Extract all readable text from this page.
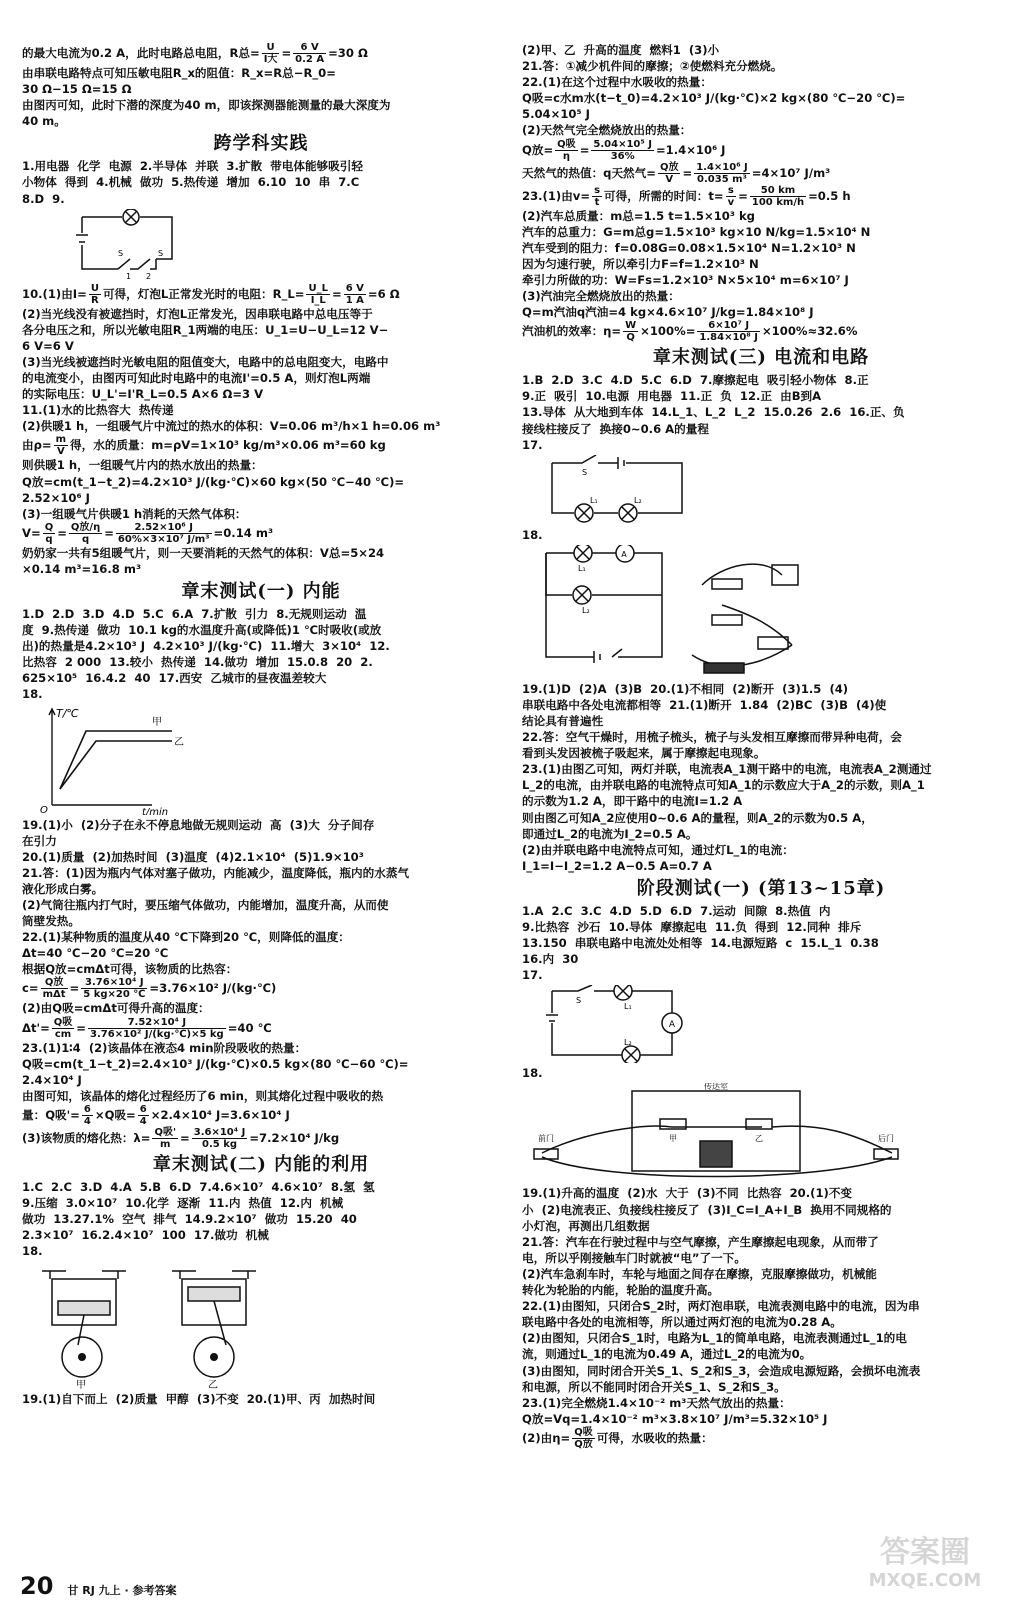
的最大电流为0.2 A，此时电路总电阻，R总= $\frac{U}{\text{I大}} = \frac{6 V}{0.2 A} =30$ Ω

由串联电路特点可知压敏电阻R_x的阻值：R_x=R总−R_0=

30 Ω−15 Ω=15 Ω

由图丙可知，此时下潜的深度为40 m，即该探测器能测量的最大深度为

40 m。

跨学科实践

1.用电器  化学  电源  2.半导体  并联  3.扩散  带电体能够吸引轻

小物体  得到  4.机械  做功  5.热传递  增加  6.10  10  串  7.C

8.D  9.

1 2
S	S

10.(1)由$I= \frac{U}{R}$ 可得，灯泡L正常发光时的电阻：R_L= $\frac{U\_L}{I\_L} = \frac{6 V}{1 A} =6$ Ω

(2)当光线没有被遮挡时，灯泡L正常发光，因串联电路中总电压等于

各分电压之和，所以光敏电阻R_1两端的电压：U_1=U−U_L=12 V−

6 V=6 V

(3)当光线被遮挡时光敏电阻的阻值变大，电路中的总电阻变大，电路中

的电流变小，由图丙可知此时电路中的电流I'=0.5 A，则灯泡L两端

的实际电压：U_L'=I'R_L=0.5 A×6 Ω=3 V

11.(1)水的比热容大  热传递

(2)供暖1 h，一组暖气片中流过的热水的体积：V=0.06 m³/h×1 h=0.06 m³

由$\rho= \frac{m}{V}$ 得，水的质量：m=ρV=1×10³ kg/m³×0.06 m³=60 kg

则供暖1 h，一组暖气片内的热水放出的热量：

Q放=cm(t_1−t_2)=4.2×10³ J/(kg·℃)×60 kg×(50 ℃−40 ℃)=

2.52×10⁶ J

(3)一组暖气片供暖1 h消耗的天然气体积：

$V= \frac{Q}{q} = \frac{\text{Q放/η}}{q} = \frac{\text{2.52×10⁶ J}}{\text{60\%×3×10⁷ J/m³}} =0.14$ m³

奶奶家一共有5组暖气片，则一天要消耗的天然气的体积：V总=5×24

×0.14 m³=16.8 m³

章末测试(一) 内能

1.D  2.D  3.D  4.D  5.C  6.A  7.扩散  引力  8.无规则运动  温

度  9.热传递  做功  10.1 kg的水温度升高(或降低)1 ℃时吸收(或放

出)的热量是4.2×10³ J  4.2×10³ J/(kg·℃)  11.增大  3×10⁴  12.

比热容  2 000  13.较小  热传递  14.做功  增加  15.0.8  20  2.

625×10⁵  16.4.2  40  17.西安  乙城市的昼夜温差较大

18.

T/℃
甲
乙
O	t/min

19.(1)小  (2)分子在永不停息地做无规则运动  高  (3)大  分子间存

在引力

20.(1)质量  (2)加热时间  (3)温度  (4)2.1×10⁴  (5)1.9×10³

21.答：(1)因为瓶内气体对塞子做功，内能减少，温度降低，瓶内的水蒸气

液化形成白雾。

(2)气筒往瓶内打气时，要压缩气体做功，内能增加，温度升高，从而使

筒壁发热。

22.(1)某种物质的温度从40 ℃下降到20 ℃，则降低的温度：

Δt=40 ℃−20 ℃=20 ℃

根据Q放=cmΔt可得，该物质的比热容：

$c= \frac{\text{Q放}}{\text{mΔt}} = \frac{\text{3.76×10⁴ J}}{5 kg\times 20 ℃} =3.76\times 10^2$ J/(kg·℃)

(2)由Q吸=cmΔt可得升高的温度：

$\Delta t'= \frac{\text{Q吸}}{cm} = \frac{\text{7.52×10⁴ J}}{\text{3.76×10² J/(kg·℃)×5 kg}} =40$ ℃

23.(1)1∶4  (2)该晶体在液态4 min阶段吸收的热量：

Q吸=cm(t_1−t_2)=2.4×10³ J/(kg·℃)×0.5 kg×(80 ℃−60 ℃)=

2.4×10⁴ J

由图可知，该晶体的熔化过程经历了6 min，则其熔化过程中吸收的热

量：Q吸'= $\frac{6}{4} \times Q$吸= $\frac{6}{4} \times 2.4\times 10^4$ J=3.6×10⁴ J

(3)该物质的熔化热：$\lambda= \frac{\text{Q吸'}}{m} = \frac{\text{3.6×10⁴ J}}{0.5 kg} =7.2\times 10^4$ J/kg

章末测试(二) 内能的利用

1.C  2.C  3.D  4.A  5.B  6.D  7.4.6×10⁷  4.6×10⁷  8.氢  氢

9.压缩  3.0×10⁷  10.化学  逐渐  11.内  热值  12.内  机械

做功  13.27.1%  空气  排气  14.9.2×10⁷  做功  15.20  40

2.3×10⁷  16.2.4×10⁷  100  17.做功  机械

18.

甲	乙

19.(1)自下而上  (2)质量  甲醇  (3)不变  20.(1)甲、丙  加热时间

(2)甲、乙  升高的温度  燃料1  (3)小

21.答：①减少机件间的摩擦；②使燃料充分燃烧。

22.(1)在这个过程中水吸收的热量：

Q吸=c水m水(t−t_0)=4.2×10³ J/(kg·℃)×2 kg×(80 ℃−20 ℃)=

5.04×10⁵ J

(2)天然气完全燃烧放出的热量：

Q放= $\frac{\text{Q吸}}{\eta} = \frac{\text{5.04×10⁵ J}}{36\%} =1.4\times 10^6$ J

天然气的热值：q天然气= $\frac{\text{Q放}}{V} = \frac{\text{1.4×10⁶ J}}{\text{0.035 m³}} =4\times 10^7$ J/m³

23.(1)由$v= \frac{s}{t}$ 可得，所需的时间：$t= \frac{s}{v} = \frac{50 km}{100 km/h} =0.5$ h

(2)汽车总质量：m总=1.5 t=1.5×10³ kg

汽车的总重力：G=m总g=1.5×10³ kg×10 N/kg=1.5×10⁴ N

汽车受到的阻力：f=0.08G=0.08×1.5×10⁴ N=1.2×10³ N

因为匀速行驶，所以牵引力F=f=1.2×10³ N

牵引力所做的功：W=Fs=1.2×10³ N×5×10⁴ m=6×10⁷ J

(3)汽油完全燃烧放出的热量：

Q=m汽油q汽油=4 kg×4.6×10⁷ J/kg=1.84×10⁸ J

汽油机的效率：$\eta= \frac{W}{Q} \times 100\%= \frac{\text{6×10⁷ J}}{\text{1.84×10⁸ J}} \times 100\%\approx 32.6\%$

章末测试(三) 电流和电路

1.B  2.D  3.C  4.D  5.C  6.D  7.摩擦起电  吸引轻小物体  8.正

9.正  吸引  10.电源  用电器  11.正  负  12.正  由B到A

13.导体  从大地到车体  14.L_1、L_2  L_2  15.0.26  2.6  16.正、负

接线柱接反了  换接0~0.6 A的量程

17.

S
L₁	L₂

18.

A
L₁
L₂

19.(1)D  (2)A  (3)B  20.(1)不相同  (2)断开  (3)1.5  (4)

串联电路中各处电流都相等  21.(1)断开  1.84  (2)BC  (3)B  (4)使

结论具有普遍性

22.答：空气干燥时，用梳子梳头，梳子与头发相互摩擦而带异种电荷，会

看到头发因被梳子吸起来，属于摩擦起电现象。

23.(1)由图乙可知，两灯并联，电流表A_1测干路中的电流，电流表A_2测通过

L_2的电流，由并联电路的电流特点可知A_1的示数应大于A_2的示数，则A_1

的示数为1.2 A，即干路中的电流I=1.2 A

则由图乙可知A_2应使用0~0.6 A的量程，则A_2的示数为0.5 A，

即通过L_2的电流为I_2=0.5 A。

(2)由并联电路中电流特点可知，通过灯L_1的电流：

I_1=I−I_2=1.2 A−0.5 A=0.7 A

阶段测试(一) (第13~15章)

1.A  2.C  3.C  4.D  5.D  6.D  7.运动  间隙  8.热值  内

9.比热容  沙石  10.导体  摩擦起电  11.负  得到  12.同种  排斥

13.150  串联电路中电流处处相等  14.电源短路  c  15.L_1  0.38

16.内  30

17.

A
S
L₁
L₂

18.

传达室
前门	后门
甲	乙

19.(1)升高的温度  (2)水  大于  (3)不同  比热容  20.(1)不变

小  (2)电流表正、负接线柱接反了  (3)I_C=I_A+I_B  换用不同规格的

小灯泡，再测出几组数据

21.答：汽车在行驶过程中与空气摩擦，产生摩擦起电现象，从而带了

电，所以乎刚接触车门时就被“电”了一下。

(2)汽车急刹车时，车轮与地面之间存在摩擦，克服摩擦做功，机械能

转化为轮胎的内能，轮胎的温度升高。

22.(1)由图知，只闭合S_2时，两灯泡串联，电流表测电路中的电流，因为串

联电路中各处的电流相等，所以通过两灯泡的电流为0.28 A。

(2)由图知，只闭合S_1时，电路为L_1的简单电路，电流表测通过L_1的电

流，则通过L_1的电流为0.49 A，通过L_2的电流为0。

(3)由图知，同时闭合开关S_1、S_2和S_3，会造成电源短路，会损坏电流表

和电源，所以不能同时闭合开关S_1、S_2和S_3。

23.(1)完全燃烧1.4×10⁻² m³天然气放出的热量：

Q放=Vq=1.4×10⁻² m³×3.8×10⁷ J/m³=5.32×10⁵ J

(2)由$\eta= \frac{\text{Q吸}}{\text{Q放}}$ 可得，水吸收的热量：

20 甘 RJ 九上 · 参考答案
答案圈
MXQE.COM
